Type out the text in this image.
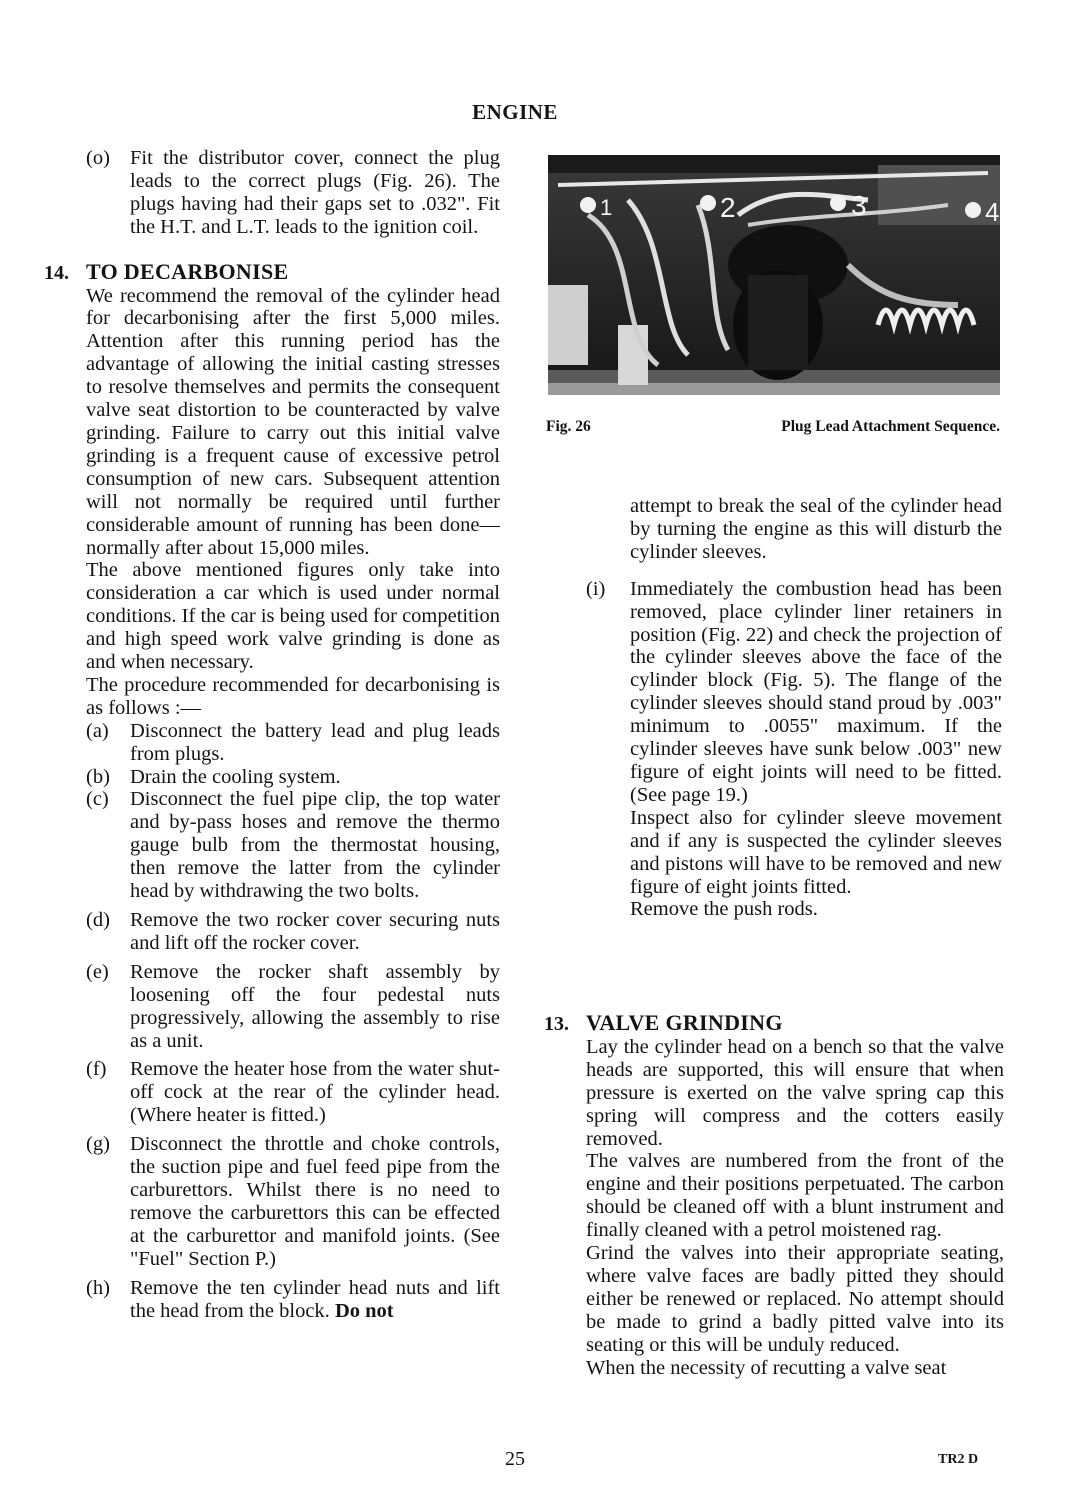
ENGINE
(o) Fit the distributor cover, connect the plug leads to the correct plugs (Fig. 26). The plugs having had their gaps set to .032". Fit the H.T. and L.T. leads to the ignition coil.
14. TO DECARBONISE

We recommend the removal of the cylinder head for decarbonising after the first 5,000 miles. Attention after this running period has the advantage of allowing the initial casting stresses to resolve themselves and permits the consequent valve seat distortion to be counteracted by valve grinding. Failure to carry out this initial valve grinding is a frequent cause of excessive petrol consumption of new cars. Subsequent attention will not normally be required until further considerable amount of running has been done—normally after about 15,000 miles.

The above mentioned figures only take into consideration a car which is used under normal conditions. If the car is being used for competition and high speed work valve grinding is done as and when necessary.

The procedure recommended for decarbonising is as follows :—

(a)	Disconnect the battery lead and plug leads from plugs.
(b) Drain the cooling system.
(c)	Disconnect the fuel pipe clip, the top water and by-pass hoses and remove the thermo gauge bulb from the thermostat housing, then remove the latter from the cylinder head by withdrawing the two bolts.
(d) Remove the two rocker cover securing nuts and lift off the rocker cover.
(e)	Remove the rocker shaft assembly by loosening off the four pedestal nuts progressively, allowing the assembly to rise as a unit.
(f)	Remove the heater hose from the water shut-off cock at the rear of the cylinder head. (Where heater is fitted.)
(g) Disconnect the throttle and choke controls, the suction pipe and fuel feed pipe from the carburettors. Whilst there is no need to remove the carburettors this can be effected at the carburettor and manifold joints. (See "Fuel" Section P.)
(h) Remove the ten cylinder head nuts and lift the head from the block. Do not
1	2	3	4
Fig. 26	Plug Lead Attachment Sequence.

attempt to break the seal of the cylinder head by turning the engine as this will disturb the cylinder sleeves.

(i)	Immediately the combustion head has been removed, place cylinder liner retainers in position (Fig. 22) and check the projection of the cylinder sleeves above the face of the cylinder block (Fig. 5). The flange of the cylinder sleeves should stand proud by .003" minimum to .0055" maximum. If the cylinder sleeves have sunk below .003" new figure of eight joints will need to be fitted. (See page 19.)

Inspect also for cylinder sleeve movement and if any is suspected the cylinder sleeves and pistons will have to be removed and new figure of eight joints fitted.

Remove the push rods.

13. VALVE GRINDING

Lay the cylinder head on a bench so that the valve heads are supported, this will ensure that when pressure is exerted on the valve spring cap this spring will compress and the cotters easily removed.

The valves are numbered from the front of the engine and their positions perpetuated. The carbon should be cleaned off with a blunt instrument and finally cleaned with a petrol moistened rag.

Grind the valves into their appropriate seating, where valve faces are badly pitted they should either be renewed or replaced. No attempt should be made to grind a badly pitted valve into its seating or this will be unduly reduced.

When the necessity of recutting a valve seat

25	TR2 D
